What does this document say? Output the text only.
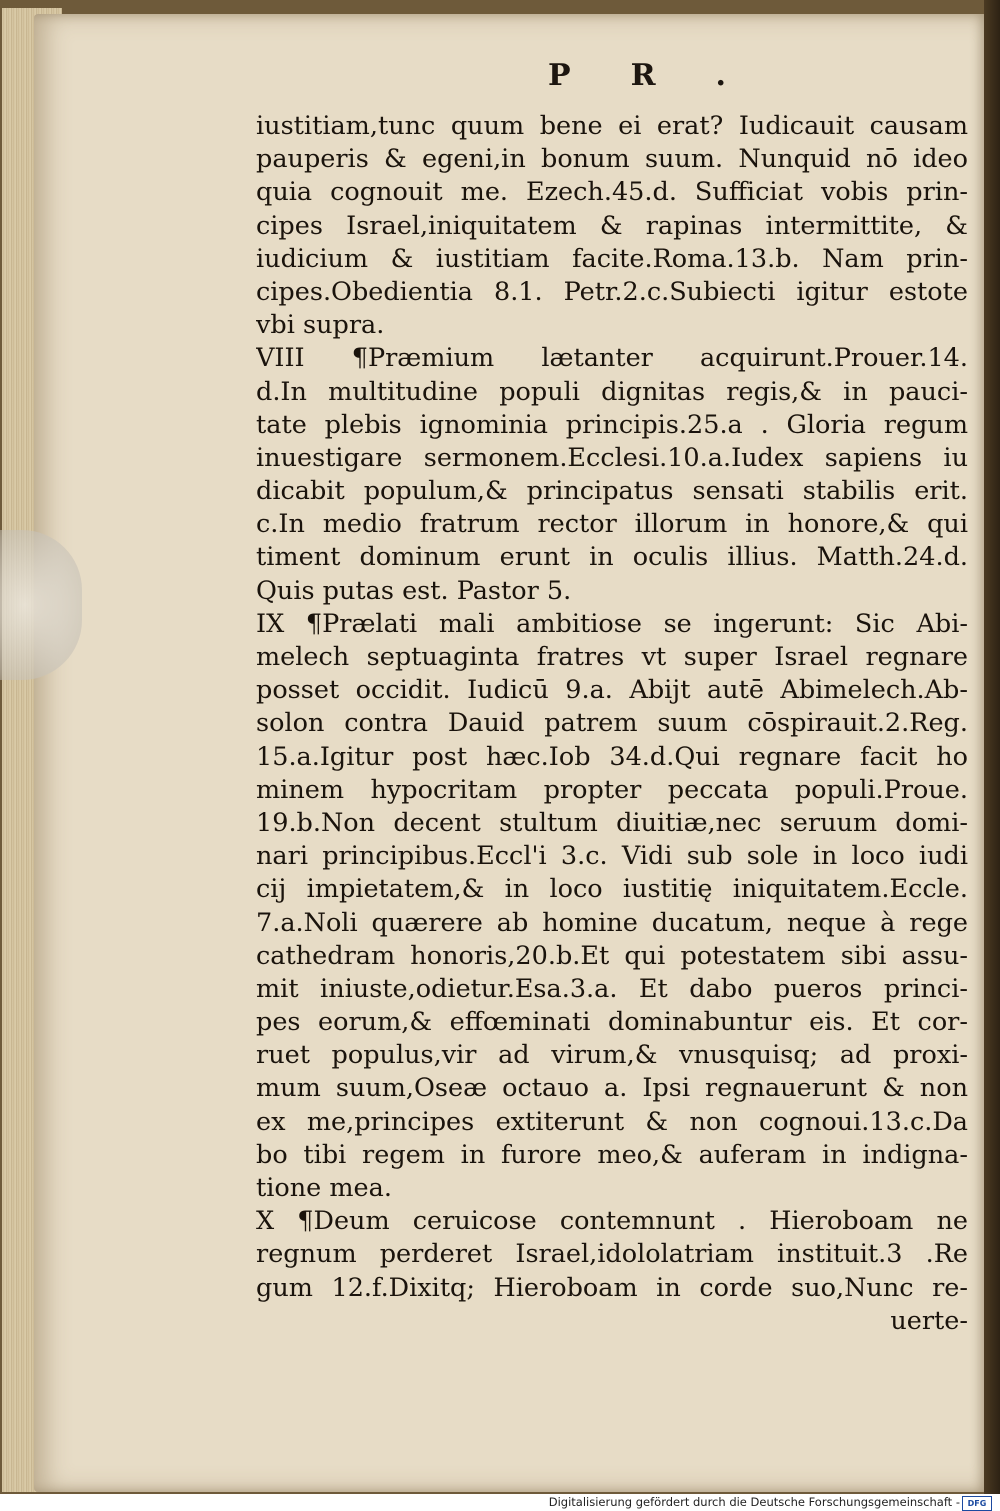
PR.
iustitiam,tunc quum bene ei erat? Iudicauit causam
pauperis & egeni,in bonum suum. Nunquid nō ideo
quia cognouit me. Ezech.45.d. Sufficiat vobis prin-
cipes Israel,iniquitatem & rapinas intermittite, &
iudicium & iustitiam facite.Roma.13.b. Nam prin-
cipes.Obedientia 8.1. Petr.2.c.Subiecti igitur estote
vbi supra.
VIII ¶Præmium lætanter acquirunt.Prouer.14.
d.In multitudine populi dignitas regis,& in pauci-
tate plebis ignominia principis.25.a . Gloria regum
inuestigare sermonem.Ecclesi.10.a.Iudex sapiens iu
dicabit populum,& principatus sensati stabilis erit.
c.In medio fratrum rector illorum in honore,& qui
timent dominum erunt in oculis illius. Matth.24.d.
Quis putas est. Pastor 5.
IX ¶Prælati mali ambitiose se ingerunt: Sic Abi-
melech septuaginta fratres vt super Israel regnare
posset occidit. Iudicū 9.a. Abijt autē Abimelech.Ab-
solon contra Dauid patrem suum cōspirauit.2.Reg.
15.a.Igitur post hæc.Iob 34.d.Qui regnare facit ho
minem hypocritam propter peccata populi.Proue.
19.b.Non decent stultum diuitiæ,nec seruum domi-
nari principibus.Eccl'i 3.c. Vidi sub sole in loco iudi
cij impietatem,& in loco iustitię iniquitatem.Eccle.
7.a.Noli quærere ab homine ducatum, neque à rege
cathedram honoris,20.b.Et qui potestatem sibi assu-
mit iniuste,odietur.Esa.3.a. Et dabo pueros princi-
pes eorum,& effœminati dominabuntur eis. Et cor-
ruet populus,vir ad virum,& vnusquisq; ad proxi-
mum suum,Oseæ octauo a. Ipsi regnauerunt & non
ex me,principes extiterunt & non cognoui.13.c.Da
bo tibi regem in furore meo,& auferam in indigna-
tione mea.
X ¶Deum ceruicose contemnunt . Hieroboam ne
regnum perderet Israel,idololatriam instituit.3 .Re
gum 12.f.Dixitq; Hieroboam in corde suo,Nunc re-
uerte-
Digitalisierung gefördert durch die Deutsche Forschungsgemeinschaft - DFG
